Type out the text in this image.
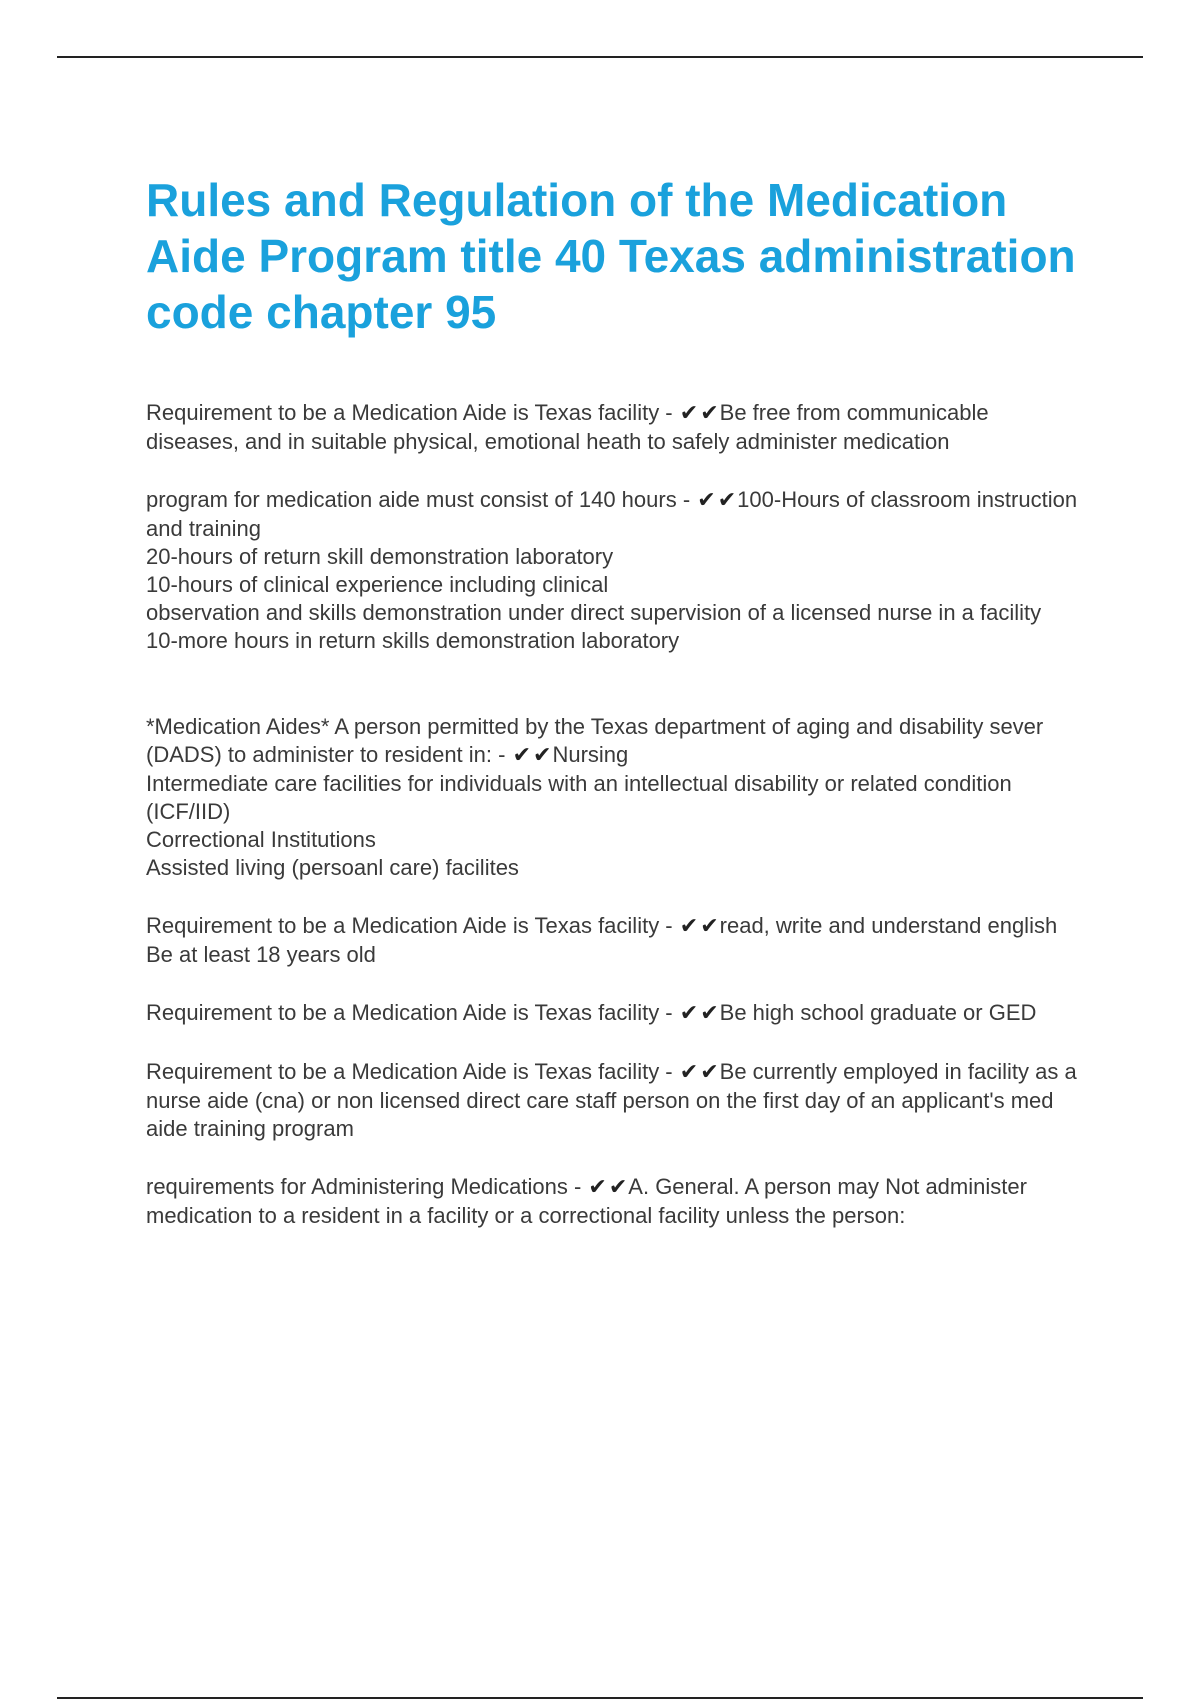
Rules and Regulation of the Medication Aide Program title 40 Texas administration code chapter 95

Requirement to be a Medication Aide is Texas facility - ✔✔Be free from communicable diseases, and in suitable physical, emotional heath to safely administer medication

program for medication aide must consist of 140 hours - ✔✔100-Hours of classroom instruction and training

20-hours of return skill demonstration laboratory

10-hours of clinical experience including clinical

observation and skills demonstration under direct supervision of a licensed nurse in a facility

10-more hours in return skills demonstration laboratory

*Medication Aides* A person permitted by the Texas department of aging and disability sever (DADS) to administer to resident in: - ✔✔Nursing

Intermediate care facilities for individuals with an intellectual disability or related condition (ICF/IID)

Correctional Institutions

Assisted living (persoanl care) facilites

Requirement to be a Medication Aide is Texas facility - ✔✔read, write and understand english

Be at least 18 years old

Requirement to be a Medication Aide is Texas facility - ✔✔Be high school graduate or GED

Requirement to be a Medication Aide is Texas facility - ✔✔Be currently employed in facility as a nurse aide (cna) or non licensed direct care staff person on the first day of an applicant's med aide training program

requirements for Administering Medications - ✔✔A. General. A person may Not administer medication to a resident in a facility or a correctional facility unless the person:
